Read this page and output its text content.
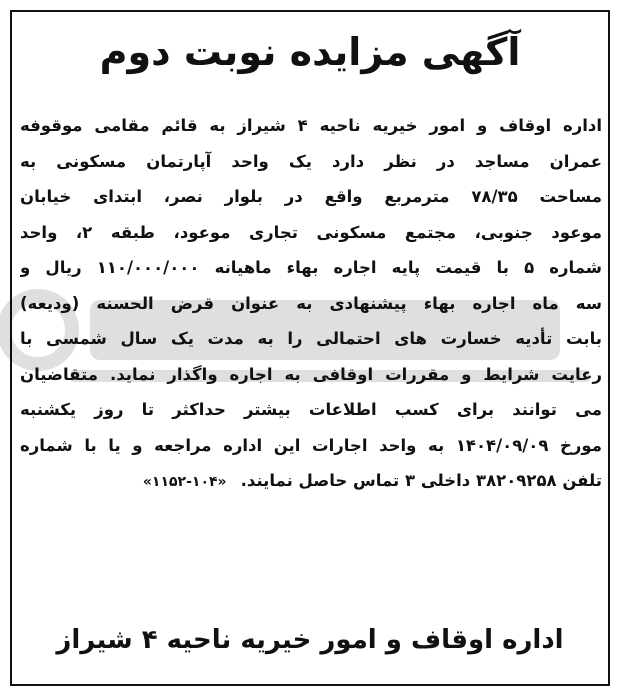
آگهی مزایده نوبت دوم
اداره اوقاف و امور خیریه ناحیه ۴ شیراز به قائم مقامی موقوفه
عمران مساجد در نظر دارد یک واحد آپارتمان مسکونی به
مساحت ۷۸/۳۵ مترمربع واقع در بلوار نصر، ابتدای خیابان
موعود جنوبی، مجتمع مسکونی تجاری موعود، طبقه ۲، واحد
شماره ۵ با قیمت پایه اجاره بهاء ماهیانه ۱۱۰/۰۰۰/۰۰۰ ریال و
سه ماه اجاره بهاء پیشنهادی به عنوان قرض الحسنه (ودیعه)
بابت تأدیه خسارت های احتمالی را به مدت یک سال شمسی با
رعایت شرایط و مقررات اوقافی به اجاره واگذار نماید. متقاضیان
می توانند برای کسب اطلاعات بیشتر حداکثر تا روز یکشنبه
مورخ ۱۴۰۴/۰۹/۰۹ به واحد اجارات این اداره مراجعه و یا با شماره
تلفن ۳۸۲۰۹۲۵۸ داخلی ۳ تماس حاصل نمایند.«۱۱۵۲-۱۰۴»
اداره اوقاف و امور خیریه ناحیه ۴ شیراز
